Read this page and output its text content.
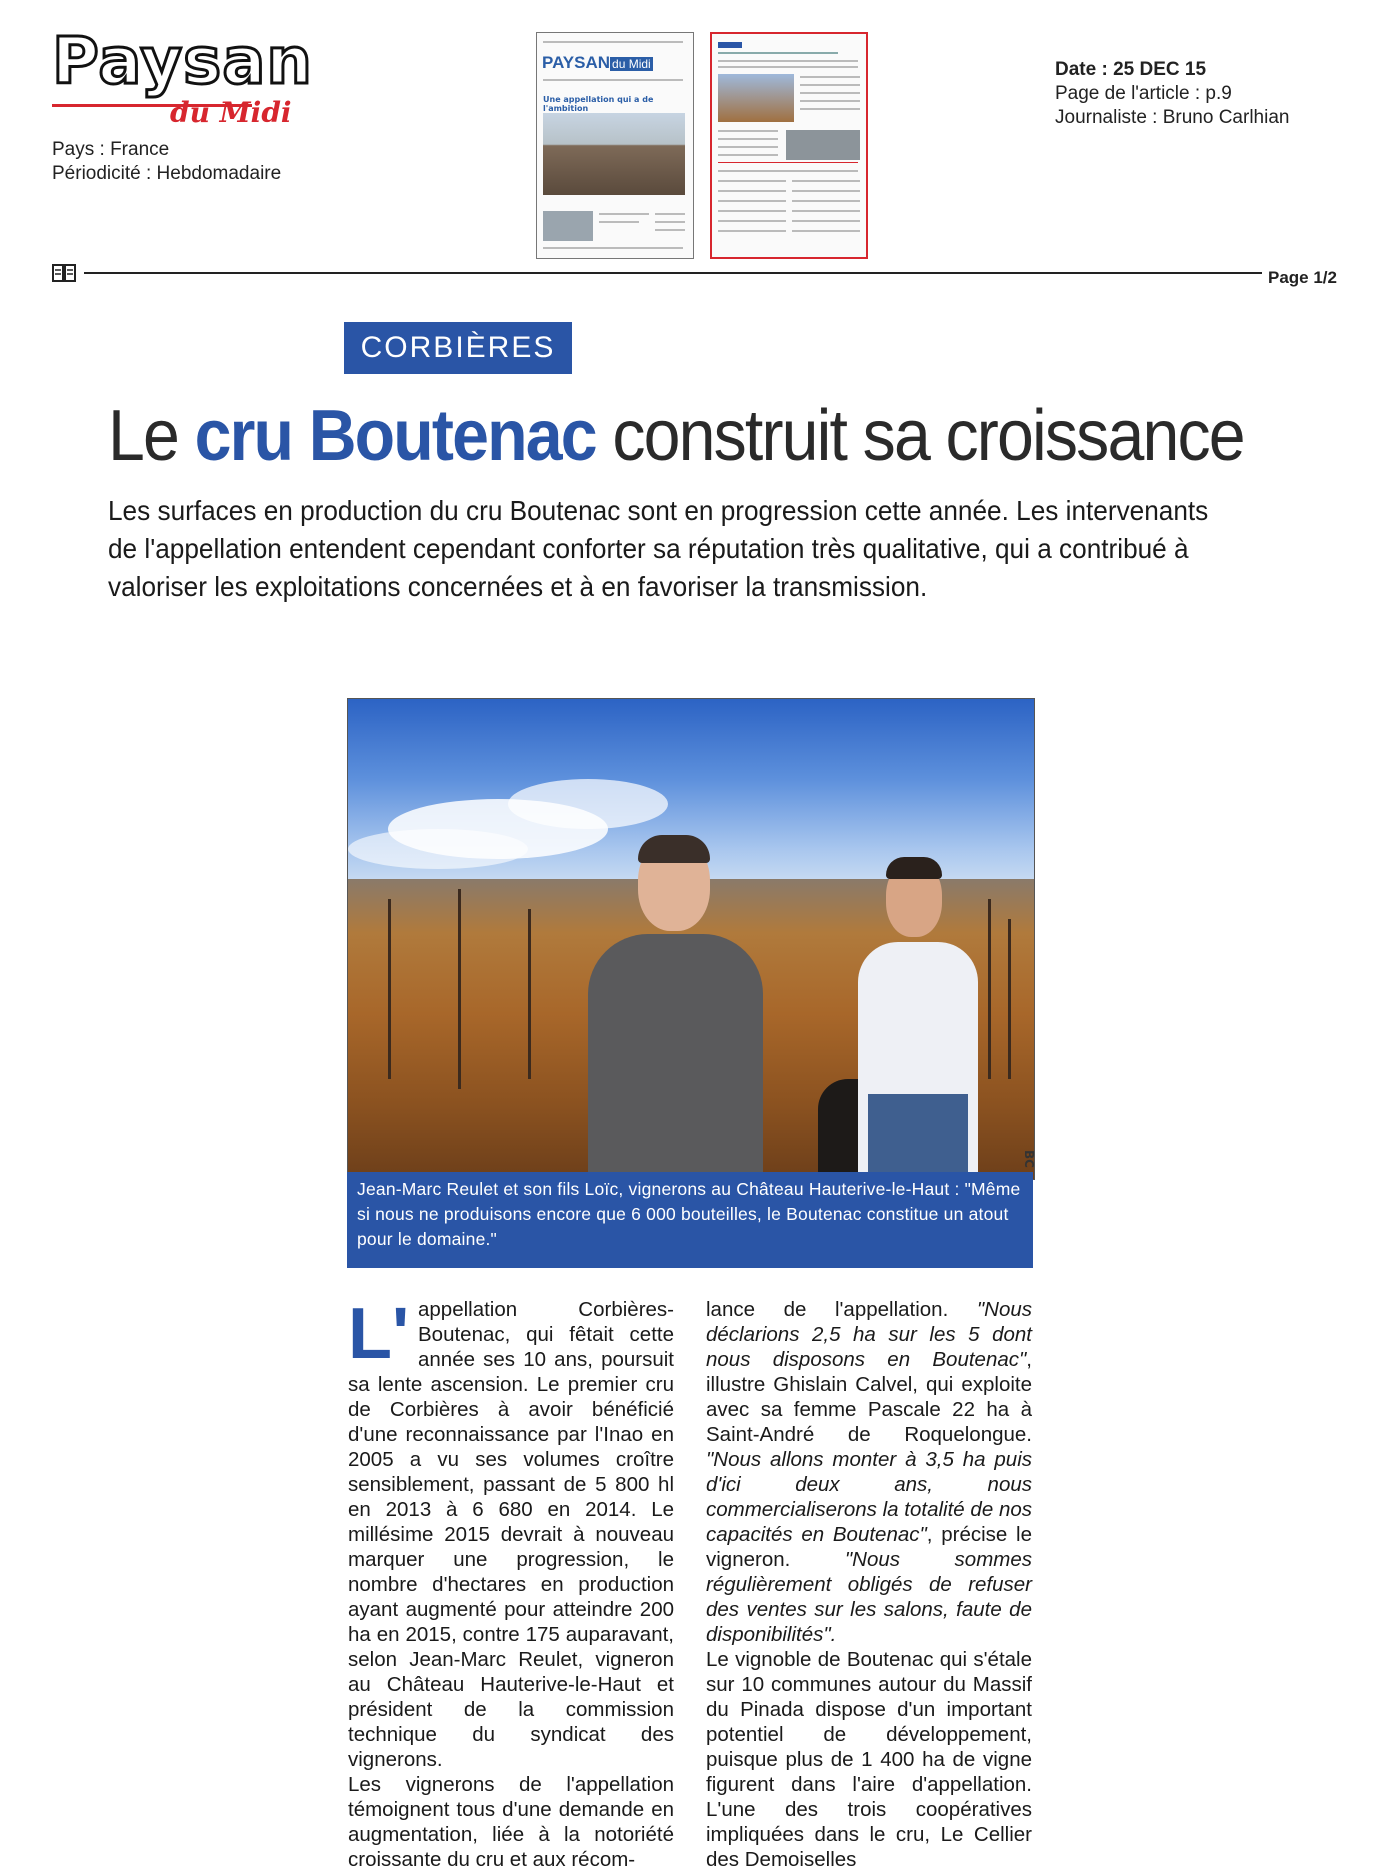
Paysan
du Midi
Pays : France
Périodicité : Hebdomadaire
PAYSAN du Midi
Une appellation qui a de l'ambition
Date : 25 DEC 15
Page de l'article : p.9
Journaliste : Bruno Carlhian
Page 1/2
CORBIÈRES
Le cru Boutenac construit sa croissance
Les surfaces en production du cru Boutenac sont en progression cette année. Les intervenants de l'appellation entendent cependant conforter sa réputation très qualitative, qui a contribué à valoriser les exploitations concernées et à en favoriser la transmission.
BC
Jean-Marc Reulet et son fils Loïc, vignerons au Château Hauterive-le-Haut : "Même si nous ne produisons encore que 6 000 bouteilles, le Boutenac constitue un atout pour le domaine."

L' appellation Corbières-Boutenac, qui fêtait cette année ses 10 ans, poursuit sa lente ascension. Le premier cru de Corbières à avoir bénéficié d'une reconnaissance par l'Inao en 2005 a vu ses volumes croître sensiblement, passant de 5 800 hl en 2013 à 6 680 en 2014. Le millésime 2015 devrait à nouveau marquer une progression, le nombre d'hectares en production ayant augmenté pour atteindre 200 ha en 2015, contre 175 auparavant, selon Jean-Marc Reulet, vigneron au Château Hauterive-le-Haut et président de la commission technique du syndicat des vignerons.

Les vignerons de l'appellation témoignent tous d'une demande en augmentation, liée à la notoriété croissante du cru et aux récom-

lance de l'appellation. "Nous déclarions 2,5 ha sur les 5 dont nous disposons en Boutenac", illustre Ghislain Calvel, qui exploite avec sa femme Pascale 22 ha à Saint-André de Roquelongue. "Nous allons monter à 3,5 ha puis d'ici deux ans, nous commercialiserons la totalité de nos capacités en Boutenac", précise le vigneron. "Nous sommes régulièrement obligés de refuser des ventes sur les salons, faute de disponibilités".

Le vignoble de Boutenac qui s'étale sur 10 communes autour du Massif du Pinada dispose d'un important potentiel de développement, puisque plus de 1 400 ha de vigne figurent dans l'aire d'appellation. L'une des trois coopératives impliquées dans le cru, Le Cellier des Demoiselles
